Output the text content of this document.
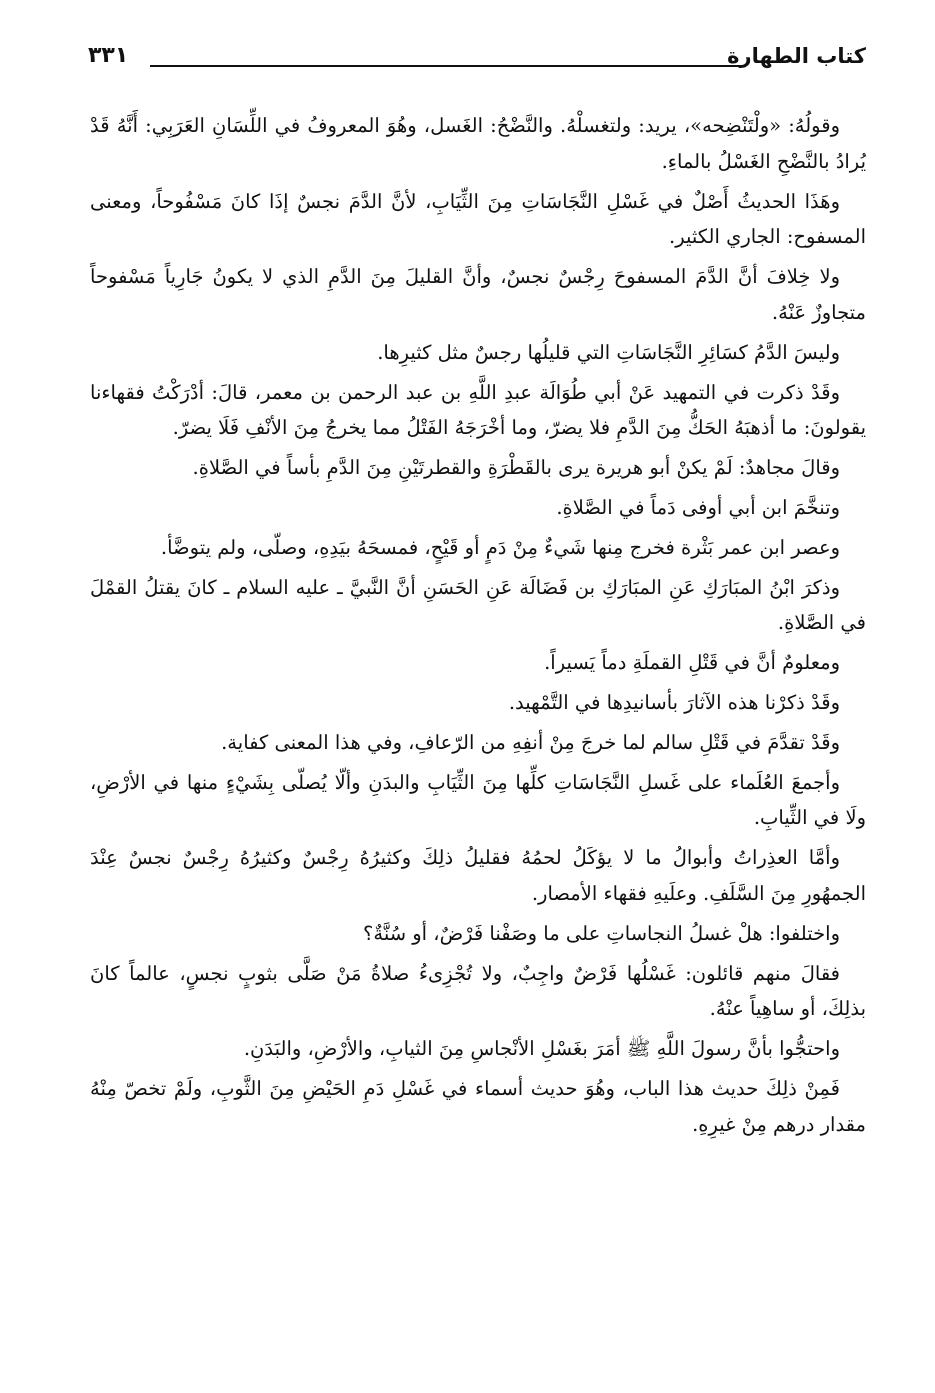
كتاب الطهارة
٣٣١

وقولُهُ: «ولْتَنْضِحه»، يريد: ولتغسلْهُ. والنَّضْحُ: الغَسل، وهُوَ المعروفُ في اللِّسَانِ العَرَبِي: أَنَّهُ قَدْ يُرادُ بالنَّضْحِ الغَسْلُ بالماءِ.

وهَذَا الحديثُ أَصْلٌ في غَسْلِ النَّجَاسَاتِ مِنَ الثِّيَابِ، لأنَّ الدَّمَ نجسٌ إذَا كانَ مَسْفُوحاً، ومعنى المسفوح: الجاري الكثير.

ولا خِلافَ أنَّ الدَّمَ المسفوحَ رِجْسٌ نجسٌ، وأنَّ القليلَ مِنَ الدَّمِ الذي لا يكونُ جَارِياً مَسْفوحاً متجاوزٌ عَنْهُ.

وليسَ الدَّمُ كسَائِرِ النَّجَاسَاتِ التي قليلُها رجسٌ مثل كثيرِها.

وقَدْ ذكرت في التمهيد عَنْ أبي طُوَالَة عبدِ اللَّهِ بن عبد الرحمن بن معمر، قالَ: أدْرَكْتُ فقهاءنا يقولونَ: ما أذهبَهُ الحَكُّ مِنَ الدَّمِ فلا يضرّ، وما أخْرَجَهُ الفَتْلُ مما يخرجُ مِنَ الأنْفِ فَلَا يضرّ.

وقالَ مجاهدٌ: لَمْ يكنْ أبو هريرة يرى بالقَطْرَةِ والقطرتَيْنِ مِنَ الدَّمِ بأساً في الصَّلاةِ.

وتنخَّمَ ابن أبي أوفى دَماً في الصَّلاةِ.

وعصر ابن عمر بَثْرة فخرج مِنها شَيءٌ مِنْ دَمٍ أو قَيْحٍ، فمسحَهُ بيَدِهِ، وصلّى، ولم يتوضَّأ.

وذكرَ ابْنُ المبَارَكِ عَنِ المبَارَكِ بن فَضَالَة عَنِ الحَسَنِ أنَّ النَّبيَّ ـ عليه السلام ـ كانَ يقتلُ القمْلَ في الصَّلاةِ.

ومعلومٌ أنَّ في قَتْلِ القملَةِ دماً يَسيراً.

وقَدْ ذكرْنا هذه الآثارَ بأسانيدِها في التَّمْهيد.

وقَدْ تقدَّمَ في قَتْلِ سالم لما خرجَ مِنْ أنفِهِ من الرّعافِ، وفي هذا المعنى كفاية.

وأجمعَ العُلَماء على غَسلِ النَّجَاسَاتِ كلِّها مِنَ الثِّيَابِ والبدَنِ وألّا يُصلّى بِشَيْءٍ منها في الأرْضِ، ولَا في الثِّيابِ.

وأمَّا العذِراتُ وأبوالُ ما لا يؤكَلُ لحمُهُ فقليلُ ذلِكَ وكثيرُهُ رِجْسٌ وكثيرُهُ رِجْسٌ نجسٌ عِنْدَ الجمهُورِ مِنَ السَّلَفِ. وعلَيهِ فقهاء الأمصار.

واختلفوا: هلْ غسلُ النجاساتِ على ما وصَفْنا فَرْضٌ، أو سُنَّةٌ؟

فقالَ منهم قائلون: غَسْلُها فَرْضٌ واجِبٌ، ولا تُجْزِىءُ صلاةُ مَنْ صَلَّى بثوبٍ نجسٍ، عالماً كانَ بذلِكَ، أو ساهِياً عنْهُ.

واحتجُّوا بأنَّ رسولَ اللَّهِ ﷺ أمَرَ بغَسْلِ الأنْجاسِ مِنَ الثيابِ، والأرْضِ، والبَدَنِ.

فَمِنْ ذلِكَ حديث هذا الباب، وهُوَ حديث أسماء في غَسْلِ دَمِ الحَيْضِ مِنَ الثَّوبِ، ولَمْ تخصّ مِنْهُ مقدار درهم مِنْ غيرِهِ.
